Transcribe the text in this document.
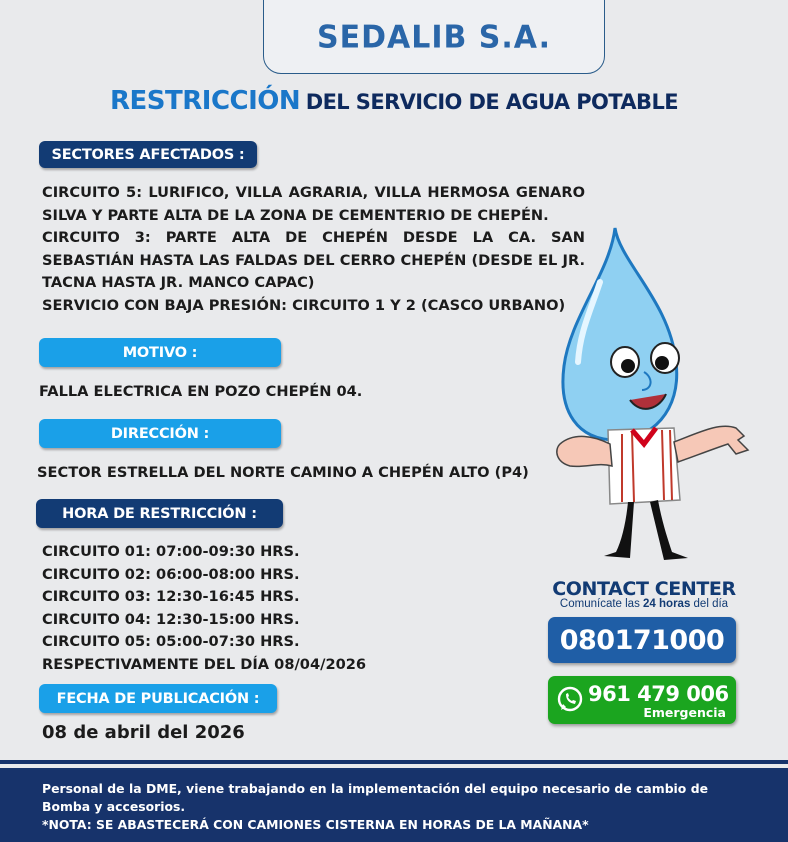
SEDALIB S.A.
RESTRICCIÓN DEL SERVICIO DE AGUA POTABLE
SECTORES AFECTADOS :

CIRCUITO 5: LURIFICO, VILLA AGRARIA, VILLA HERMOSA GENARO SILVA Y PARTE ALTA DE LA ZONA DE CEMENTERIO DE CHEPÉN.

CIRCUITO 3: PARTE ALTA DE CHEPÉN DESDE LA CA. SAN SEBASTIÁN HASTA LAS FALDAS DEL CERRO CHEPÉN (DESDE EL JR. TACNA HASTA JR. MANCO CAPAC)

SERVICIO CON BAJA PRESIÓN: CIRCUITO 1 Y 2 (CASCO URBANO)

MOTIVO :
FALLA ELECTRICA EN POZO CHEPÉN 04.
DIRECCIÓN :
SECTOR ESTRELLA DEL NORTE CAMINO A CHEPÉN ALTO (P4)
HORA DE RESTRICCIÓN :
CIRCUITO 01: 07:00-09:30 HRS.
CIRCUITO 02: 06:00-08:00 HRS.
CIRCUITO 03: 12:30-16:45 HRS.
CIRCUITO 04: 12:30-15:00 HRS.
CIRCUITO 05: 05:00-07:30 HRS.
RESPECTIVAMENTE DEL DÍA 08/04/2026
FECHA DE PUBLICACIÓN :
08 de abril del 2026
CONTACT CENTER
Comunícate las 24 horas del día
080171000
961 479 006
Emergencia

Personal de la DME, viene trabajando en la implementación del equipo necesario de cambio de Bomba y accesorios.

*NOTA: SE ABASTECERÁ CON CAMIONES CISTERNA EN HORAS DE LA MAÑANA*
